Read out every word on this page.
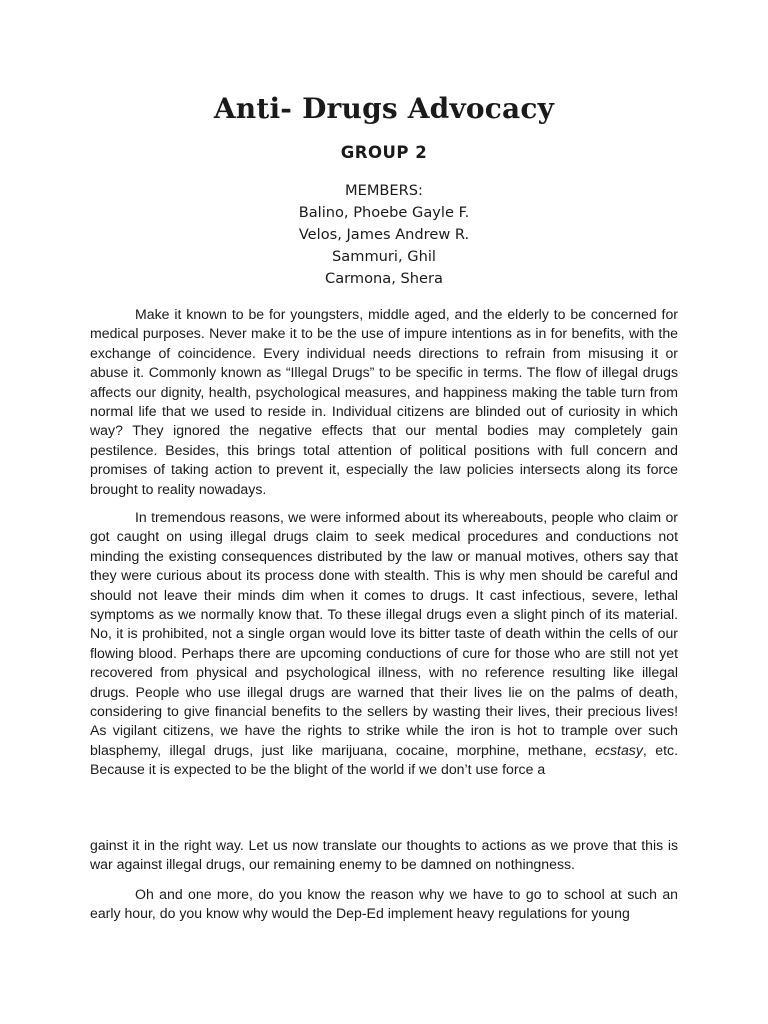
Anti- Drugs Advocacy
GROUP 2
MEMBERS:
Balino, Phoebe Gayle F.
Velos, James Andrew R.
Sammuri, Ghil
Carmona, Shera

Make it known to be for youngsters, middle aged, and the elderly to be concerned for medical purposes. Never make it to be the use of impure intentions as in for benefits, with the exchange of coincidence. Every individual needs directions to refrain from misusing it or abuse it. Commonly known as “Illegal Drugs” to be specific in terms. The flow of illegal drugs affects our dignity, health, psychological measures, and happiness making the table turn from normal life that we used to reside in. Individual citizens are blinded out of curiosity in which way? They ignored the negative effects that our mental bodies may completely gain pestilence. Besides, this brings total attention of political positions with full concern and promises of taking action to prevent it, especially the law policies intersects along its force brought to reality nowadays.

In tremendous reasons, we were informed about its whereabouts, people who claim or got caught on using illegal drugs claim to seek medical procedures and conductions not minding the existing consequences distributed by the law or manual motives, others say that they were curious about its process done with stealth. This is why men should be careful and should not leave their minds dim when it comes to drugs. It cast infectious, severe, lethal symptoms as we normally know that. To these illegal drugs even a slight pinch of its material. No, it is prohibited, not a single organ would love its bitter taste of death within the cells of our flowing blood. Perhaps there are upcoming conductions of cure for those who are still not yet recovered from physical and psychological illness, with no reference resulting like illegal drugs. People who use illegal drugs are warned that their lives lie on the palms of death, considering to give financial benefits to the sellers by wasting their lives, their precious lives! As vigilant citizens, we have the rights to strike while the iron is hot to trample over such blasphemy, illegal drugs, just like marijuana, cocaine, morphine, methane, ecstasy, etc. Because it is expected to be the blight of the world if we don’t use force a

gainst it in the right way. Let us now translate our thoughts to actions as we prove that this is war against illegal drugs, our remaining enemy to be damned on nothingness.

Oh and one more, do you know the reason why we have to go to school at such an early hour, do you know why would the Dep-Ed implement heavy regulations for young
